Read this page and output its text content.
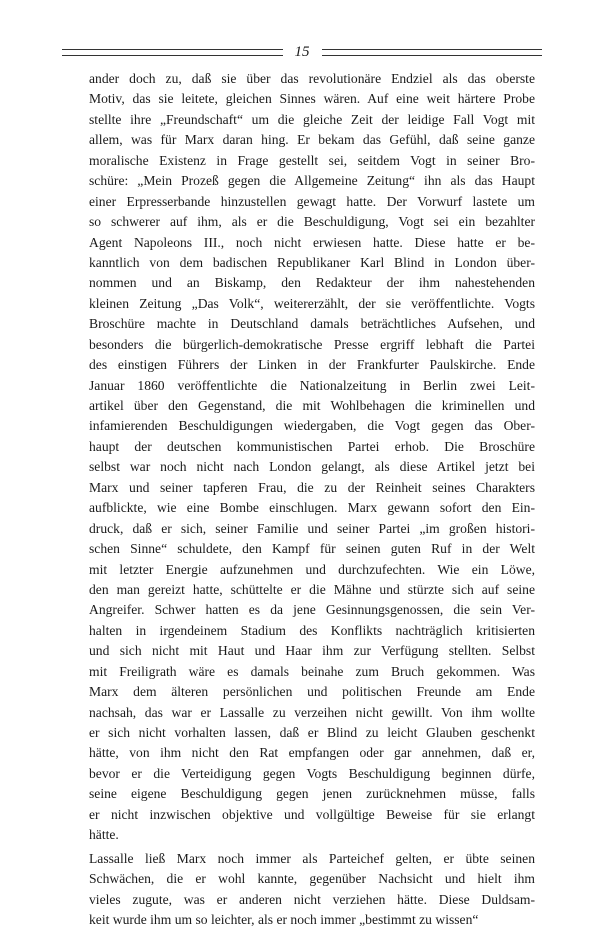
15
ander doch zu, daß sie über das revolutionäre Endziel als das oberste
Motiv, das sie leitete, gleichen Sinnes wären. Auf eine weit härtere Probe
stellte ihre „Freundschaft“ um die gleiche Zeit der leidige Fall Vogt mit
allem, was für Marx daran hing. Er bekam das Gefühl, daß seine ganze
moralische Existenz in Frage gestellt sei, seitdem Vogt in seiner Bro-
schüre: „Mein Prozeß gegen die Allgemeine Zeitung“ ihn als das Haupt
einer Erpresserbande hinzustellen gewagt hatte. Der Vorwurf lastete um
so schwerer auf ihm, als er die Beschuldigung, Vogt sei ein bezahlter
Agent Napoleons III., noch nicht erwiesen hatte. Diese hatte er be-
kanntlich von dem badischen Republikaner Karl Blind in London über-
nommen und an Biskamp, den Redakteur der ihm nahestehenden
kleinen Zeitung „Das Volk“, weitererzählt, der sie veröffentlichte. Vogts
Broschüre machte in Deutschland damals beträchtliches Aufsehen, und
besonders die bürgerlich-demokratische Presse ergriff lebhaft die Partei
des einstigen Führers der Linken in der Frankfurter Paulskirche. Ende
Januar 1860 veröffentlichte die Nationalzeitung in Berlin zwei Leit-
artikel über den Gegenstand, die mit Wohlbehagen die kriminellen und
infamierenden Beschuldigungen wiedergaben, die Vogt gegen das Ober-
haupt der deutschen kommunistischen Partei erhob. Die Broschüre
selbst war noch nicht nach London gelangt, als diese Artikel jetzt bei
Marx und seiner tapferen Frau, die zu der Reinheit seines Charakters
aufblickte, wie eine Bombe einschlugen. Marx gewann sofort den Ein-
druck, daß er sich, seiner Familie und seiner Partei „im großen histori-
schen Sinne“ schuldete, den Kampf für seinen guten Ruf in der Welt
mit letzter Energie aufzunehmen und durchzufechten. Wie ein Löwe,
den man gereizt hatte, schüttelte er die Mähne und stürzte sich auf seine
Angreifer. Schwer hatten es da jene Gesinnungsgenossen, die sein Ver-
halten in irgendeinem Stadium des Konflikts nachträglich kritisierten
und sich nicht mit Haut und Haar ihm zur Verfügung stellten. Selbst
mit Freiligrath wäre es damals beinahe zum Bruch gekommen. Was
Marx dem älteren persönlichen und politischen Freunde am Ende
nachsah, das war er Lassalle zu verzeihen nicht gewillt. Von ihm wollte
er sich nicht vorhalten lassen, daß er Blind zu leicht Glauben geschenkt
hätte, von ihm nicht den Rat empfangen oder gar annehmen, daß er,
bevor er die Verteidigung gegen Vogts Beschuldigung beginnen dürfe,
seine eigene Beschuldigung gegen jenen zurücknehmen müsse, falls
er nicht inzwischen objektive und vollgültige Beweise für sie erlangt
hätte.
Lassalle ließ Marx noch immer als Parteichef gelten, er übte seinen
Schwächen, die er wohl kannte, gegenüber Nachsicht und hielt ihm
vieles zugute, was er anderen nicht verziehen hätte. Diese Duldsam-
keit wurde ihm um so leichter, als er noch immer „bestimmt zu wissen“
